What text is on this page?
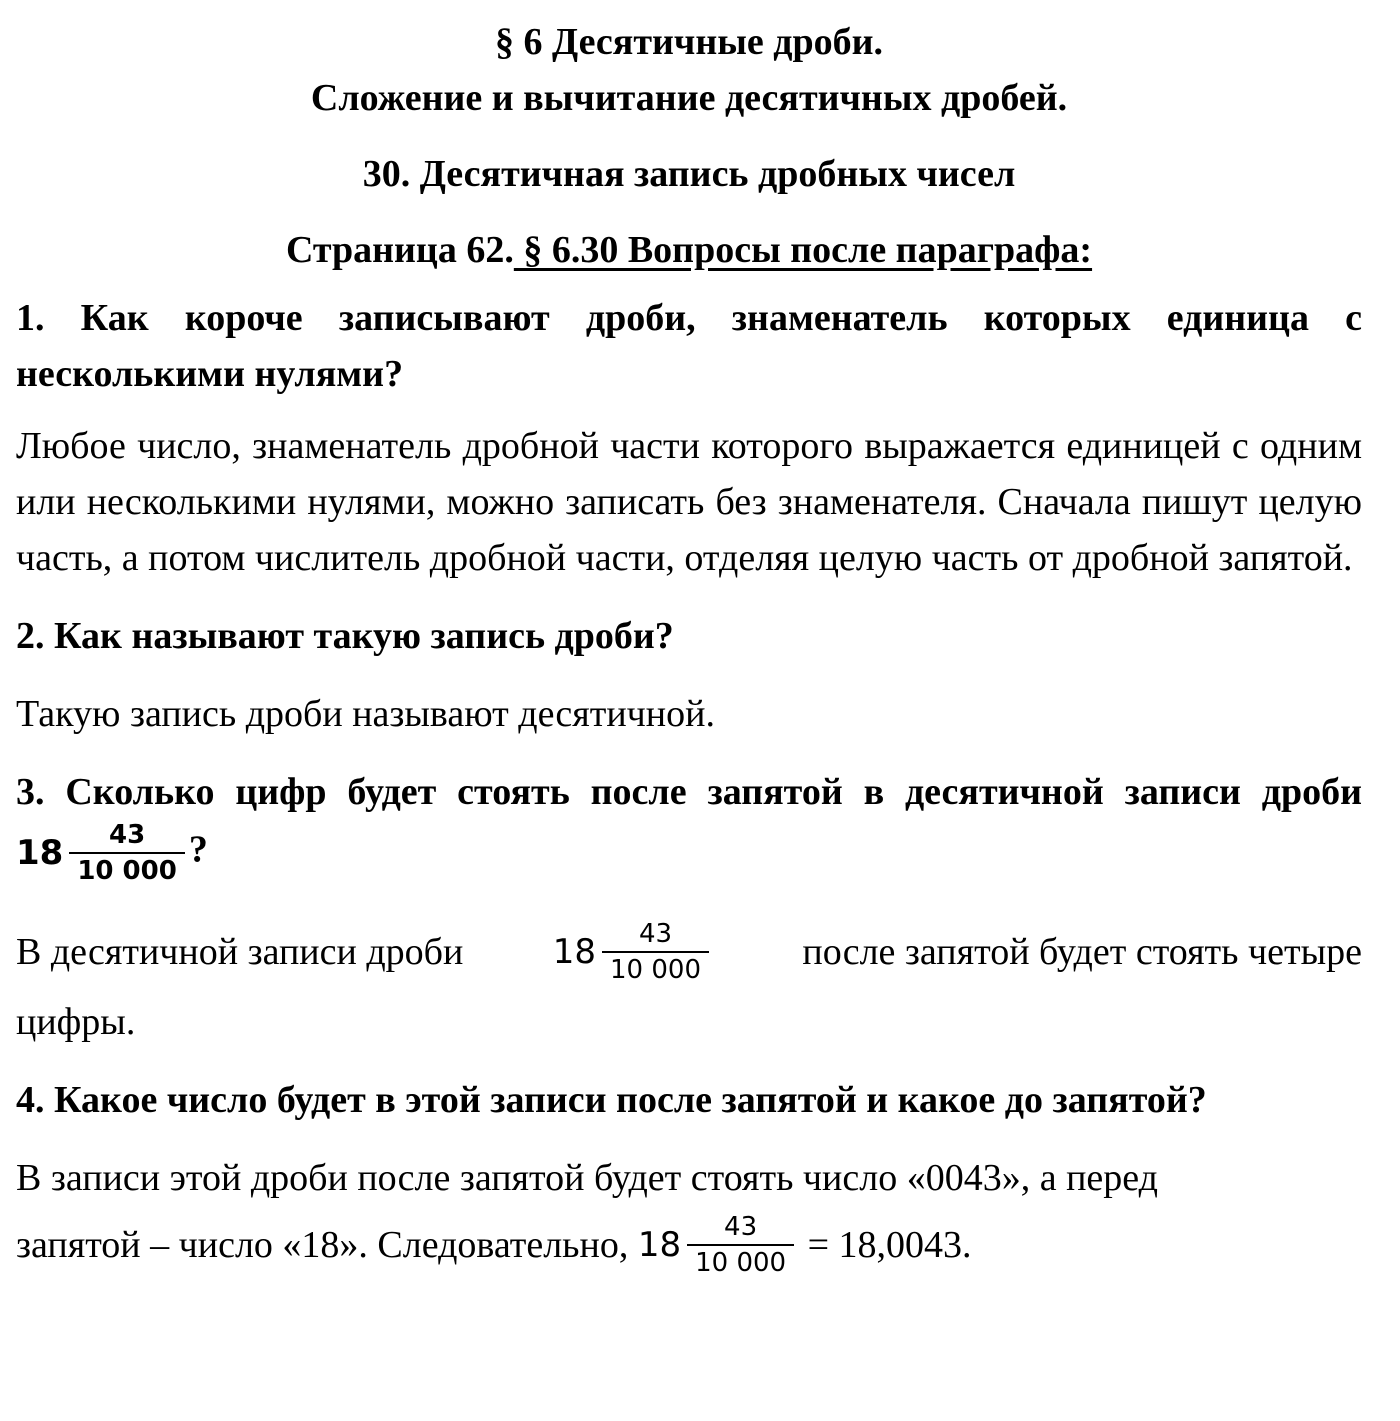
§ 6 Десятичные дроби.

Сложение и вычитание десятичных дробей.

30. Десятичная запись дробных чисел

Страница 62. § 6.30 Вопросы после параграфа:

1. Как короче записывают дроби, знаменатель которых единица с несколькими нулями?

Любое число, знаменатель дробной части которого выражается единицей с одним или несколькими нулями, можно записать без знаменателя. Сначала пишут целую часть, а потом числитель дробной части, отделяя целую часть от дробной запятой.

2. Как называют такую запись дроби?

Такую запись дроби называют десятичной.

3. Сколько цифр будет стоять после запятой в десятичной записи дроби $18 \frac{43}{10 000}$ ?

В десятичной записи дроби	$18 \frac{43}{10 000}$ после запятой будет стоять четыре
цифры.

4. Какое число будет в этой записи после запятой и какое до запятой?

В записи этой дроби после запятой будет стоять число «0043», а перед
запятой – число «18». Следовательно,
$18 \frac{43}{10 000}$
= 18,0043.
